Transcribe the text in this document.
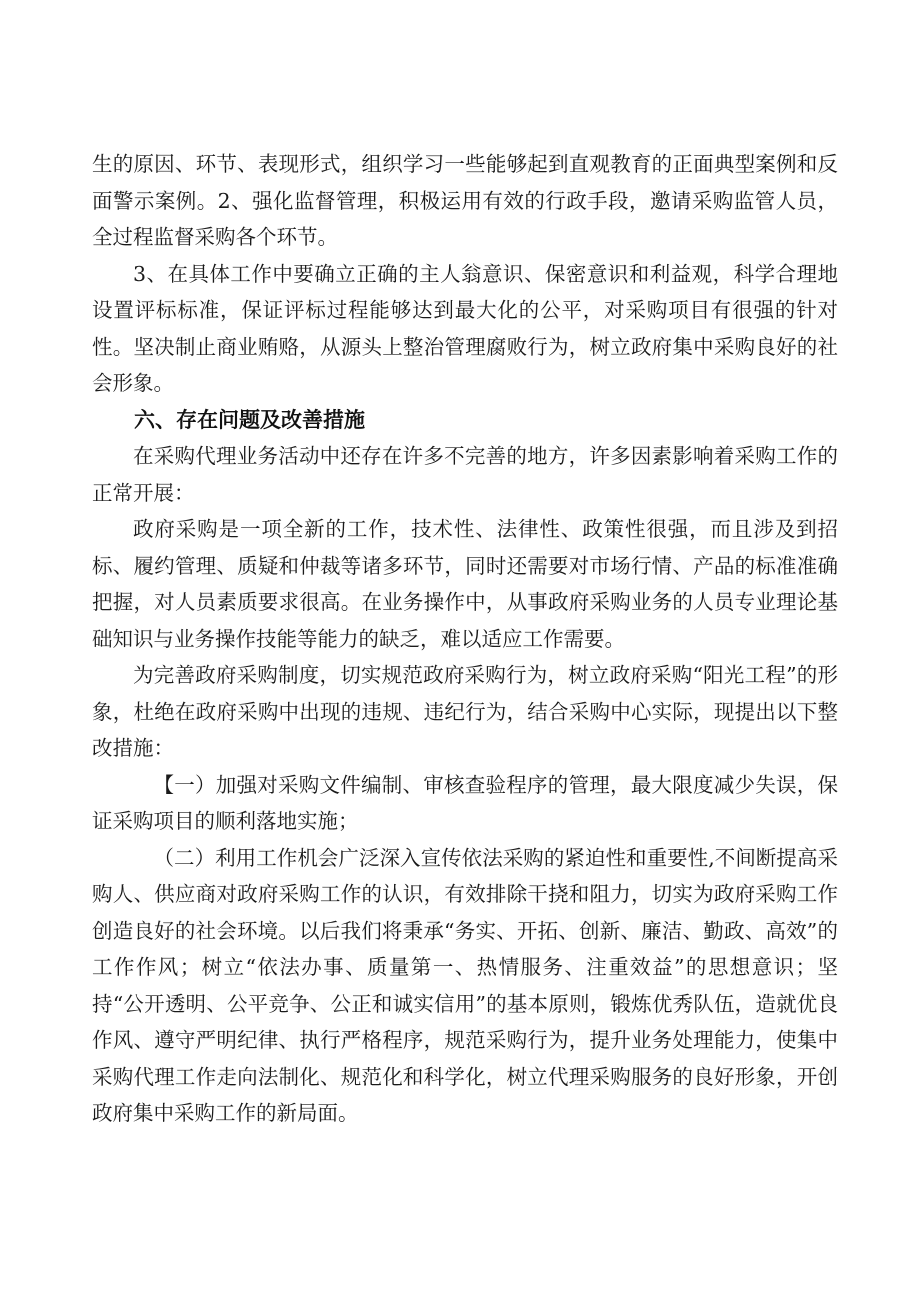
生的原因、环节、表现形式，组织学习一些能够起到直观教育的正面典型案例和反面警示案例。2、强化监督管理，积极运用有效的行政手段，邀请采购监管人员，全过程监督采购各个环节。

3、在具体工作中要确立正确的主人翁意识、保密意识和利益观，科学合理地设置评标标准，保证评标过程能够达到最大化的公平，对采购项目有很强的针对性。坚决制止商业贿赂，从源头上整治管理腐败行为，树立政府集中采购良好的社会形象。

六、存在问题及改善措施

在采购代理业务活动中还存在许多不完善的地方，许多因素影响着采购工作的正常开展：

政府采购是一项全新的工作，技术性、法律性、政策性很强，而且涉及到招标、履约管理、质疑和仲裁等诸多环节，同时还需要对市场行情、产品的标准准确把握，对人员素质要求很高。在业务操作中，从事政府采购业务的人员专业理论基础知识与业务操作技能等能力的缺乏，难以适应工作需要。

为完善政府采购制度，切实规范政府采购行为，树立政府采购“阳光工程”的形象，杜绝在政府采购中出现的违规、违纪行为，结合采购中心实际，现提出以下整改措施：

【一）加强对采购文件编制、审核查验程序的管理，最大限度减少失误，保证采购项目的顺利落地实施；

（二）利用工作机会广泛深入宣传依法采购的紧迫性和重要性,不间断提高采购人、供应商对政府采购工作的认识，有效排除干挠和阻力，切实为政府采购工作创造良好的社会环境。以后我们将秉承“务实、开拓、创新、廉洁、勤政、高效”的工作作风；树立“依法办事、质量第一、热情服务、注重效益”的思想意识；坚持“公开透明、公平竞争、公正和诚实信用”的基本原则，锻炼优秀队伍，造就优良作风、遵守严明纪律、执行严格程序，规范采购行为，提升业务处理能力，使集中采购代理工作走向法制化、规范化和科学化，树立代理采购服务的良好形象，开创政府集中采购工作的新局面。
